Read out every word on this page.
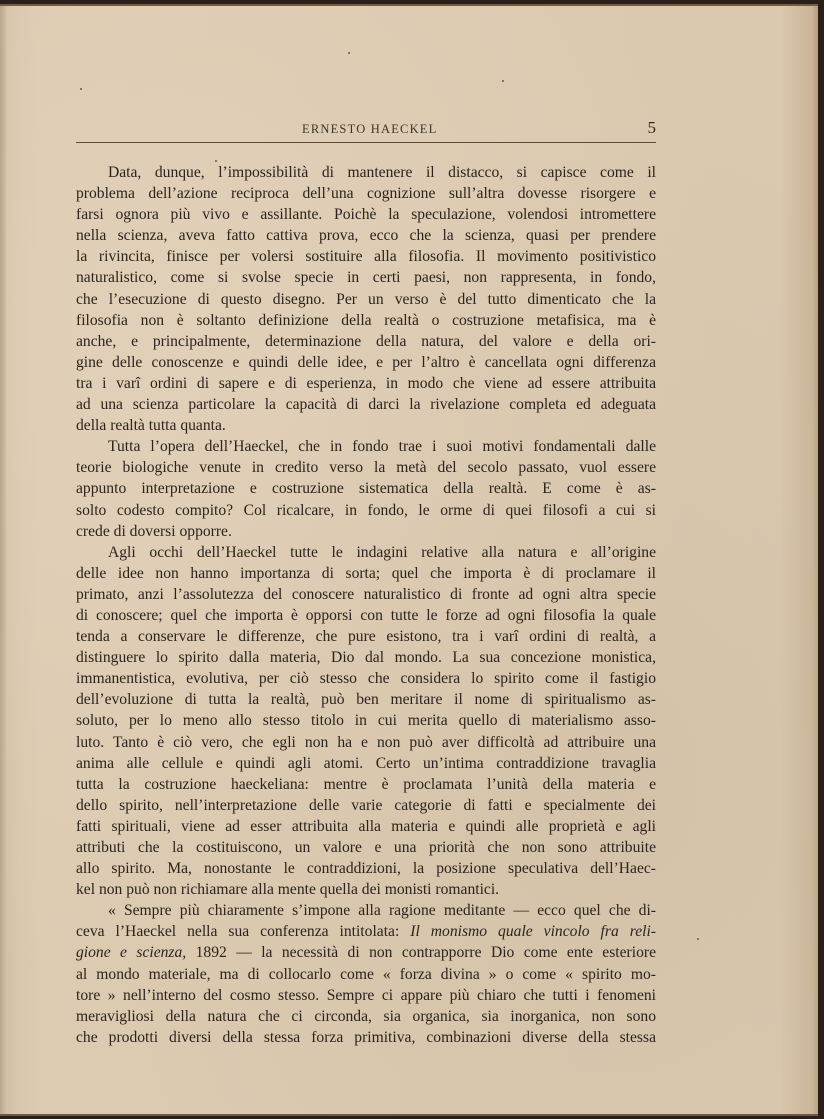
ERNESTO HAECKEL	5
Data, dunque, l’impossibilità di mantenere il distacco, si capisce come il
problema dell’azione reciproca dell’una cognizione sull’altra dovesse risorgere e
farsi ognora più vivo e assillante. Poichè la speculazione, volendosi intromettere
nella scienza, aveva fatto cattiva prova, ecco che la scienza, quasi per prendere
la rivincita, finisce per volersi sostituire alla filosofia. Il movimento positivistico
naturalistico, come si svolse specie in certi paesi, non rappresenta, in fondo,
che l’esecuzione di questo disegno. Per un verso è del tutto dimenticato che la
filosofia non è soltanto definizione della realtà o costruzione metafisica, ma è
anche, e principalmente, determinazione della natura, del valore e della ori-
gine delle conoscenze e quindi delle idee, e per l’altro è cancellata ogni differenza
tra i varî ordini di sapere e di esperienza, in modo che viene ad essere attribuita
ad una scienza particolare la capacità di darci la rivelazione completa ed adeguata
della realtà tutta quanta.
Tutta l’opera dell’Haeckel, che in fondo trae i suoi motivi fondamentali dalle
teorie biologiche venute in credito verso la metà del secolo passato, vuol essere
appunto interpretazione e costruzione sistematica della realtà. E come è as-
solto codesto compito? Col ricalcare, in fondo, le orme di quei filosofi a cui si
crede di doversi opporre.
Agli occhi dell’Haeckel tutte le indagini relative alla natura e all’origine
delle idee non hanno importanza di sorta; quel che importa è di proclamare il
primato, anzi l’assolutezza del conoscere naturalistico di fronte ad ogni altra specie
di conoscere; quel che importa è opporsi con tutte le forze ad ogni filosofia la quale
tenda a conservare le differenze, che pure esistono, tra i varî ordini di realtà, a
distinguere lo spirito dalla materia, Dio dal mondo. La sua concezione monistica,
immanentistica, evolutiva, per ciò stesso che considera lo spirito come il fastigio
dell’evoluzione di tutta la realtà, può ben meritare il nome di spiritualismo as-
soluto, per lo meno allo stesso titolo in cui merita quello di materialismo asso-
luto. Tanto è ciò vero, che egli non ha e non può aver difficoltà ad attribuire una
anima alle cellule e quindi agli atomi. Certo un’intima contraddizione travaglia
tutta la costruzione haeckeliana: mentre è proclamata l’unità della materia e
dello spirito, nell’interpretazione delle varie categorie di fatti e specialmente dei
fatti spirituali, viene ad esser attribuita alla materia e quindi alle proprietà e agli
attributi che la costituiscono, un valore e una priorità che non sono attribuite
allo spirito. Ma, nonostante le contraddizioni, la posizione speculativa dell’Haec-
kel non può non richiamare alla mente quella dei monisti romantici.
« Sempre più chiaramente s’impone alla ragione meditante — ecco quel che di-
ceva l’Haeckel nella sua conferenza intitolata: Il monismo quale vincolo fra reli-
gione e scienza, 1892 — la necessità di non contrapporre Dio come ente esteriore
al mondo materiale, ma di collocarlo come « forza divina » o come « spirito mo-
tore » nell’interno del cosmo stesso. Sempre ci appare più chiaro che tutti i fenomeni
meravigliosi della natura che ci circonda, sia organica, sia inorganica, non sono
che prodotti diversi della stessa forza primitiva, combinazioni diverse della stessa
